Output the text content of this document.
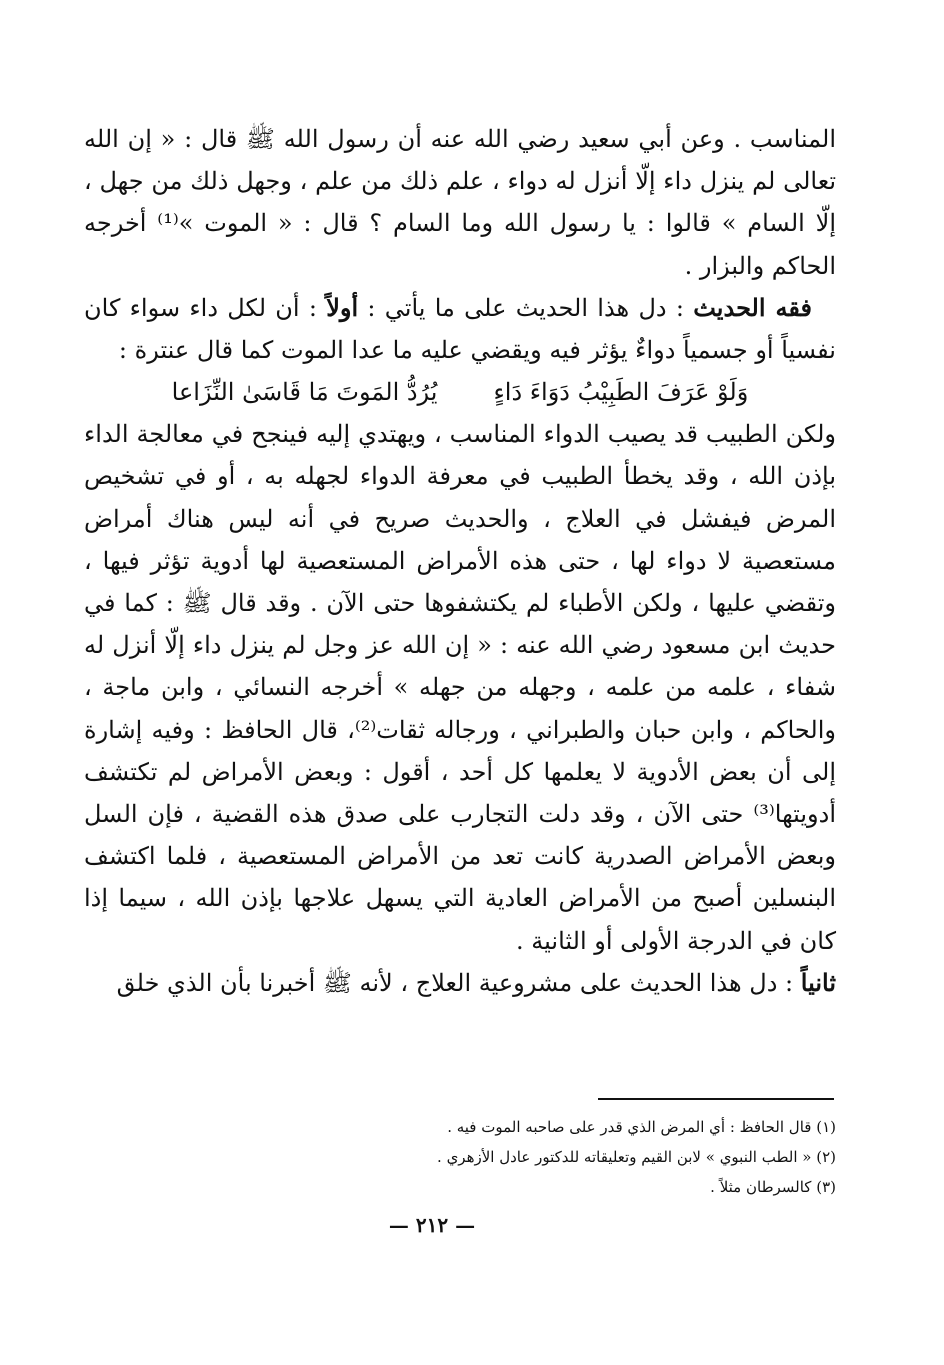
المناسب . وعن أبي سعيد رضي الله عنه أن رسول الله ﷺ قال : « إن الله تعالى لم ينزل داء إلّا أنزل له دواء ، علم ذلك من علم ، وجهل ذلك من جهل ، إلّا السام » قالوا : يا رسول الله وما السام ؟ قال : « الموت »⁽¹⁾ أخرجه الحاكم والبزار .

 فقه الحديث : دل هذا الحديث على ما يأتي : أولاً : أن لكل داء سواء كان نفسياً أو جسمياً دواءٌ يؤثر فيه ويقضي عليه ما عدا الموت كما قال عنترة :

وَلَوْ عَرَفَ الطَبِيْبُ دَوَاءَ دَاءٍ
يُرُدُّ المَوتَ مَا قَاسَىٰ النِّزَاعا

ولكن الطبيب قد يصيب الدواء المناسب ، ويهتدي إليه فينجح في معالجة الداء بإذن الله ، وقد يخطأ الطبيب في معرفة الدواء لجهله به ، أو في تشخيص المرض فيفشل في العلاج ، والحديث صريح في أنه ليس هناك أمراض مستعصية لا دواء لها ، حتى هذه الأمراض المستعصية لها أدوية تؤثر فيها ، وتقضي عليها ، ولكن الأطباء لم يكتشفوها حتى الآن . وقد قال ﷺ : كما في حديث ابن مسعود رضي الله عنه : « إن الله عز وجل لم ينزل داء إلّا أنزل له شفاء ، علمه من علمه ، وجهله من جهله » أخرجه النسائي ، وابن ماجة ، والحاكم ، وابن حبان والطبراني ، ورجاله ثقات⁽²⁾، قال الحافظ : وفيه إشارة إلى أن بعض الأدوية لا يعلمها كل أحد ، أقول : وبعض الأمراض لم تكتشف أدويتها⁽³⁾ حتى الآن ، وقد دلت التجارب على صدق هذه القضية ، فإن السل وبعض الأمراض الصدرية كانت تعد من الأمراض المستعصية ، فلما اكتشف البنسلين أصبح من الأمراض العادية التي يسهل علاجها بإذن الله ، سيما إذا كان في الدرجة الأولى أو الثانية .

ثانياً : دل هذا الحديث على مشروعية العلاج ، لأنه ﷺ أخبرنا بأن الذي خلق

(١) قال الحافظ : أي المرض الذي قدر على صاحبه الموت فيه .

(٢) « الطب النبوي » لابن القيم وتعليقاته للدكتور عادل الأزهري .

(٣) كالسرطان مثلاً .

— ٢١٢ —
